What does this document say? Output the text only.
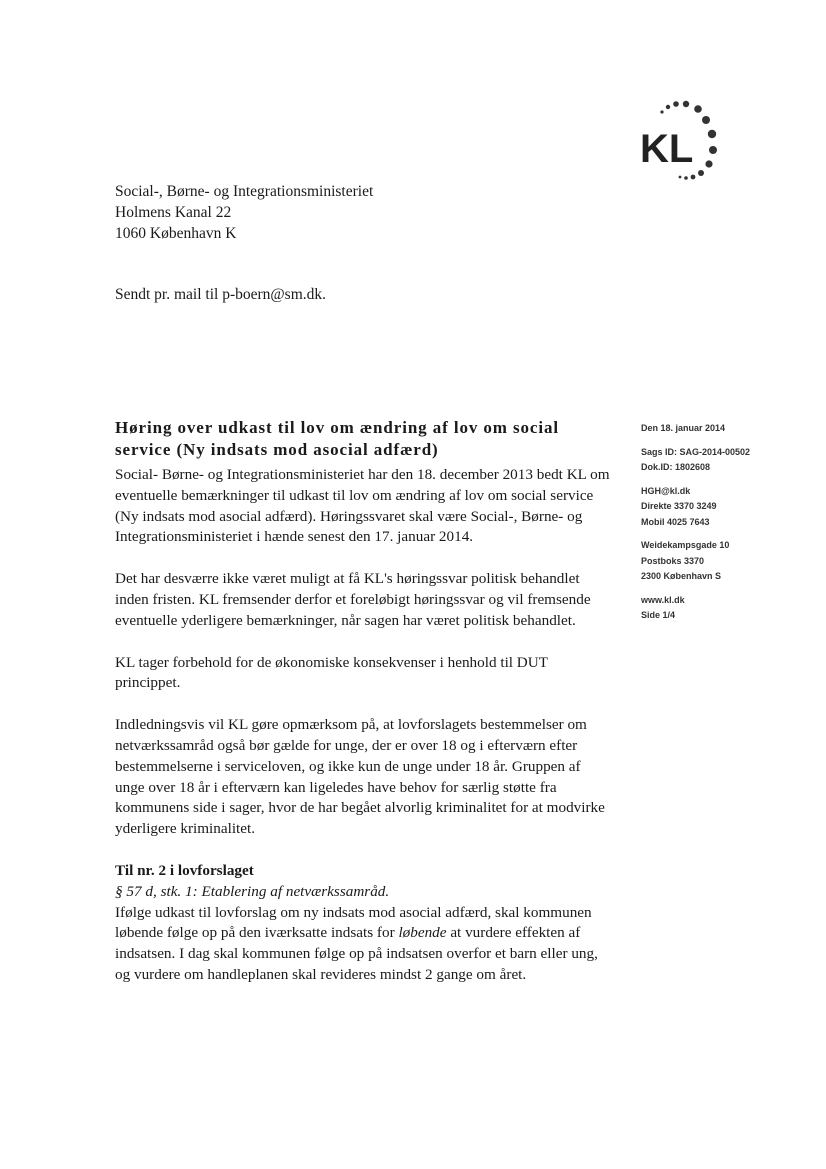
KL
Social-, Børne- og Integrationsministeriet
Holmens Kanal 22
1060 København K
Sendt pr. mail til p-boern@sm.dk.
Høring over udkast til lov om ændring af lov om social service (Ny indsats mod asocial adfærd)

Social- Børne- og Integrationsministeriet har den 18. december 2013 bedt KL om eventuelle bemærkninger til udkast til lov om ændring af lov om social service (Ny indsats mod asocial adfærd). Høringssvaret skal være Social-, Børne- og Integrationsministeriet i hænde senest den 17. januar 2014.

Det har desværre ikke været muligt at få KL's høringssvar politisk behandlet inden fristen. KL fremsender derfor et foreløbigt høringssvar og vil fremsende eventuelle yderligere bemærkninger, når sagen har været politisk behandlet.

KL tager forbehold for de økonomiske konsekvenser i henhold til DUT princippet.

Indledningsvis vil KL gøre opmærksom på, at lovforslagets bestemmelser om netværkssamråd også bør gælde for unge, der er over 18 og i efterværn efter bestemmelserne i serviceloven, og ikke kun de unge under 18 år. Gruppen af unge over 18 år i efterværn kan ligeledes have behov for særlig støtte fra kommunens side i sager, hvor de har begået alvorlig kriminalitet for at modvirke yderligere kriminalitet.

Til nr. 2 i lovforslaget

§ 57 d, stk. 1: Etablering af netværkssamråd.

Ifølge udkast til lovforslag om ny indsats mod asocial adfærd, skal kommunen løbende følge op på den iværksatte indsats for løbende at vurdere effekten af indsatsen. I dag skal kommunen følge op på indsatsen overfor et barn eller ung, og vurdere om handleplanen skal revideres mindst 2 gange om året.

Den 18. januar 2014
Sags ID: SAG-2014-00502
Dok.ID: 1802608
HGH@kl.dk
Direkte 3370 3249
Mobil 4025 7643
Weidekampsgade 10
Postboks 3370
2300 København S
www.kl.dk
Side 1/4
